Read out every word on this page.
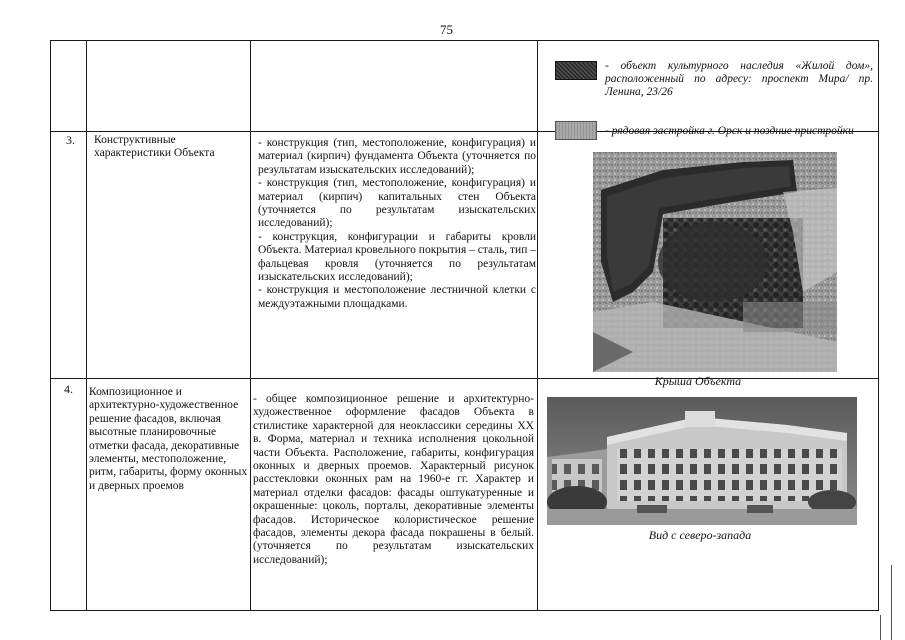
75
- объект культурного наследия «Жилой дом», расположенный по адресу: проспект Мира/ пр. Ленина, 23/26
- рядовая застройка г. Орск и поздние пристройки
3. Конструктивные характеристики Объекта
- конструкция (тип, местоположение, конфигурация) и материал (кирпич) фундамента Объекта (уточняется по результатам изыскательских исследований);
- конструкция (тип, местоположение, конфигурация) и материал (кирпич) капитальных стен Объекта (уточняется по результатам изыскательских исследований);
- конструкция, конфигурации и габариты кровли Объекта. Материал кровельного покрытия – сталь, тип – фальцевая кровля (уточняется по результатам изыскательских исследований);
- конструкция и местоположение лестничной клетки с междуэтажными площадками.
Крыша Объекта
4. Композиционное и архитектурно-художественное решение фасадов, включая высотные планировочные отметки фасада, декоративные элементы, местоположение, ритм, габариты, форму оконных и дверных проемов
- общее композиционное решение и архитектурно-художественное оформление фасадов Объекта в стилистике характерной для неоклассики середины XX в. Форма, материал и техника исполнения цокольной части Объекта. Расположение, габариты, конфигурация оконных и дверных проемов. Характерный рисунок расстекловки оконных рам на 1960-е гг. Характер и материал отделки фасадов: фасады оштукатуренные и окрашенные: цоколь, порталы, декоративные элементы фасадов. Историческое колористическое решение фасадов, элементы декора фасада покрашены в белый. (уточняется по результатам изыскательских исследований);
Вид с северо-запада
